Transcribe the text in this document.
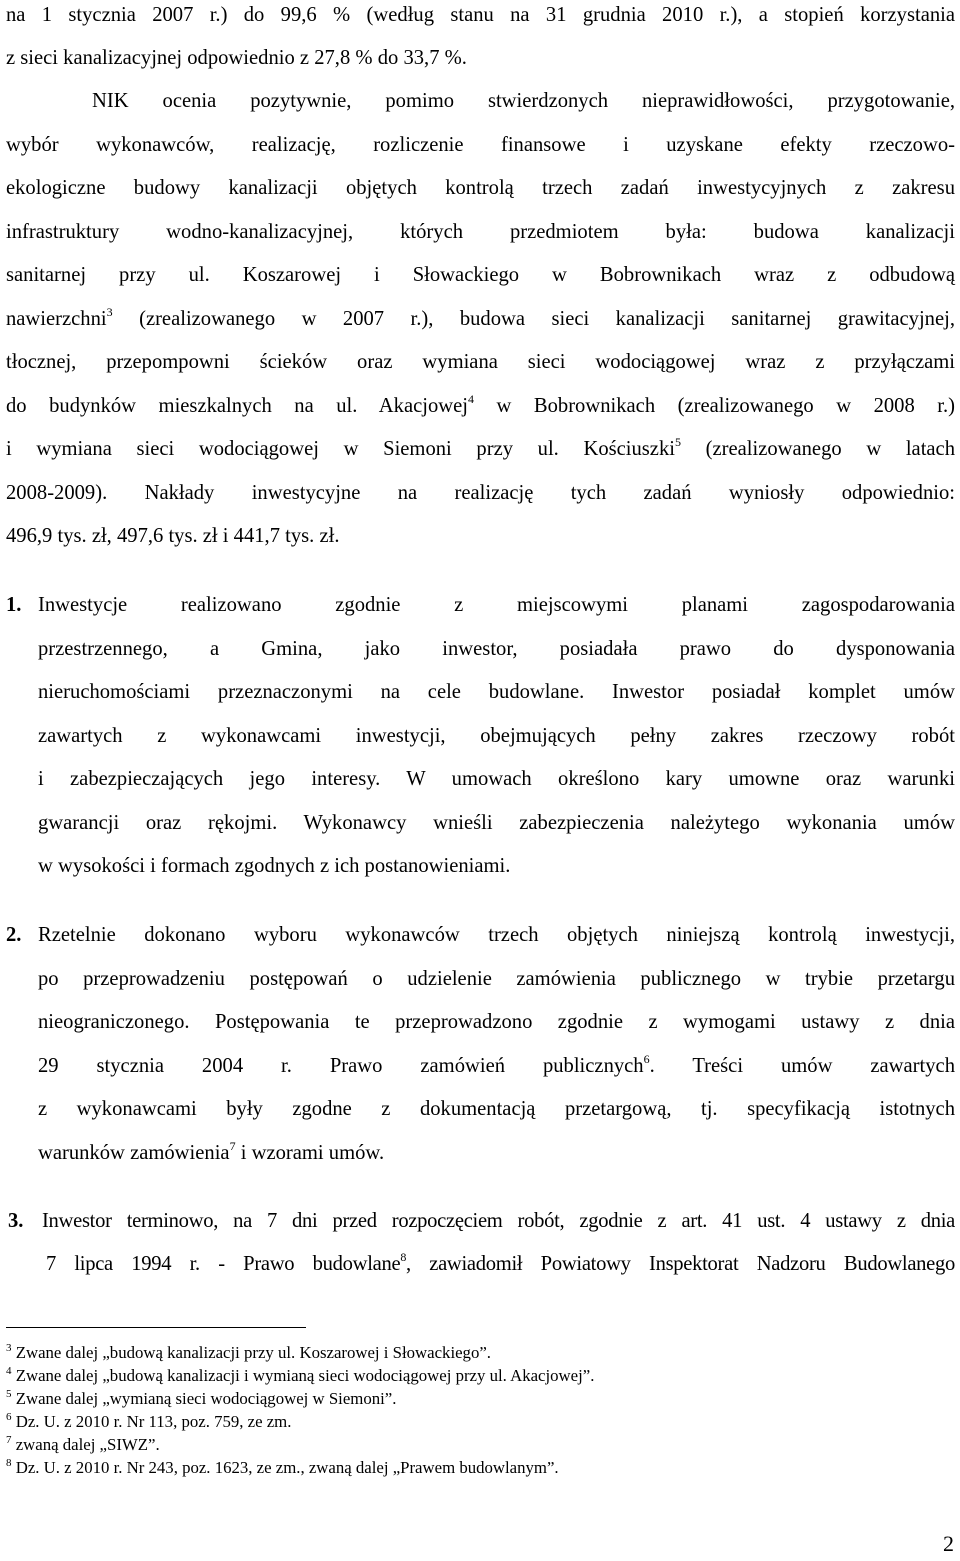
na 1 stycznia 2007 r.) do 99,6 % (według stanu na 31 grudnia 2010 r.), a stopień korzystania
z sieci kanalizacyjnej odpowiednio z 27,8 % do 33,7 %.
NIK ocenia pozytywnie, pomimo stwierdzonych nieprawidłowości, przygotowanie,
wybór wykonawców, realizację, rozliczenie finansowe i uzyskane efekty rzeczowo-
ekologiczne budowy kanalizacji objętych kontrolą trzech zadań inwestycyjnych z zakresu
infrastruktury wodno-kanalizacyjnej, których przedmiotem była: budowa kanalizacji
sanitarnej przy ul. Koszarowej i Słowackiego w Bobrownikach wraz z odbudową
nawierzchni$^3$ (zrealizowanego w 2007 r.), budowa sieci kanalizacji sanitarnej grawitacyjnej,
tłocznej, przepompowni ścieków oraz wymiana sieci wodociągowej wraz z przyłączami
do budynków mieszkalnych na ul. Akacjowej$^4$ w Bobrownikach (zrealizowanego w 2008 r.)
i wymiana sieci wodociągowej w Siemoni przy ul. Kościuszki$^5$ (zrealizowanego w latach
2008-2009). Nakłady inwestycyjne na realizację tych zadań wyniosły odpowiednio:
496,9 tys. zł, 497,6 tys. zł i 441,7 tys. zł.
1. Inwestycje realizowano zgodnie z miejscowymi planami zagospodarowania
przestrzennego, a Gmina, jako inwestor, posiadała prawo do dysponowania
nieruchomościami przeznaczonymi na cele budowlane. Inwestor posiadał komplet umów
zawartych z wykonawcami inwestycji, obejmujących pełny zakres rzeczowy robót
i zabezpieczających jego interesy. W umowach określono kary umowne oraz warunki
gwarancji oraz rękojmi. Wykonawcy wnieśli zabezpieczenia należytego wykonania umów
w wysokości i formach zgodnych z ich postanowieniami.
2. Rzetelnie dokonano wyboru wykonawców trzech objętych niniejszą kontrolą inwestycji,
po przeprowadzeniu postępowań o udzielenie zamówienia publicznego w trybie przetargu
nieograniczonego. Postępowania te przeprowadzono zgodnie z wymogami ustawy z dnia
29 stycznia 2004 r. Prawo zamówień publicznych$^6$. Treści umów zawartych
z wykonawcami były zgodne z dokumentacją przetargową, tj. specyfikacją istotnych
warunków zamówienia$^7$ i wzorami umów.
3. Inwestor terminowo, na 7 dni przed rozpoczęciem robót, zgodnie z art. 41 ust. 4 ustawy z dnia
7 lipca 1994 r. - Prawo budowlane$^8$, zawiadomił Powiatowy Inspektorat Nadzoru Budowlanego
$^3$ Zwane dalej „budową kanalizacji przy ul. Koszarowej i Słowackiego”.
$^4$ Zwane dalej „budową kanalizacji i wymianą sieci wodociągowej przy ul. Akacjowej”.
$^5$ Zwane dalej „wymianą sieci wodociągowej w Siemoni”.
$^6$ Dz. U. z 2010 r. Nr 113, poz. 759, ze zm.
$^7$ zwaną dalej „SIWZ”.
$^8$ Dz. U. z 2010 r. Nr 243, poz. 1623, ze zm., zwaną dalej „Prawem budowlanym”.
2
